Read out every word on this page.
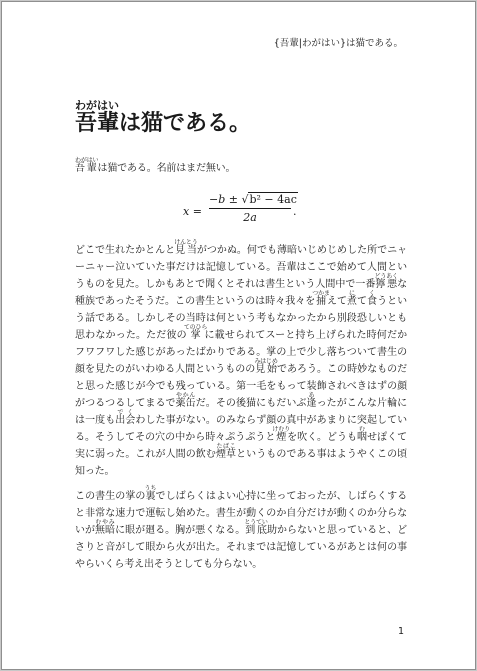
{吾輩|わがはい}は猫である。
吾輩わがはいは猫である。

吾輩わがはいは猫である。名前はまだ無い。

x =
−b ± √b² − 4ac
2a	.

どこで生れたかとんと見当けんとうがつかぬ。何でも薄暗いじめじめした所でニャーニャー泣いていた事だけは記憶している。吾輩はここで始めて人間というものを見た。しかもあとで聞くとそれは書生という人間中で一番獰悪どうあくな種族であったそうだ。この書生というのは時々我々を捕つかまえて煮にて食くうという話である。しかしその当時は何という考もなかったから別段恐しいとも思わなかった。ただ彼の掌てのひらに載せられてスーと持ち上げられた時何だかフワフワした感じがあったばかりである。掌の上で少し落ちついて書生の顔を見たのがいわゆる人間というものの見始みはじめであろう。この時妙なものだと思った感じが今でも残っている。第一毛をもって装飾されべきはずの顔がつるつるしてまるで薬缶やかんだ。その後猫にもだいぶ逢あったがこんな片輪には一度も出会でくわした事がない。のみならず顔の真中があまりに突起している。そうしてその穴の中から時々ぷうぷうと煙けむりを吹く。どうも咽むせぽくて実に弱った。これが人間の飲む煙草たばこというものである事はようやくこの頃知った。

この書生の掌の裏うちでしばらくはよい心持に坐っておったが、しばらくすると非常な速力で運転し始めた。書生が動くのか自分だけが動くのか分らないが無暗むやみに眼が廻る。胸が悪くなる。到底とうてい助からないと思っていると、どさりと音がして眼から火が出た。それまでは記憶しているがあとは何の事やらいくら考え出そうとしても分らない。

1
